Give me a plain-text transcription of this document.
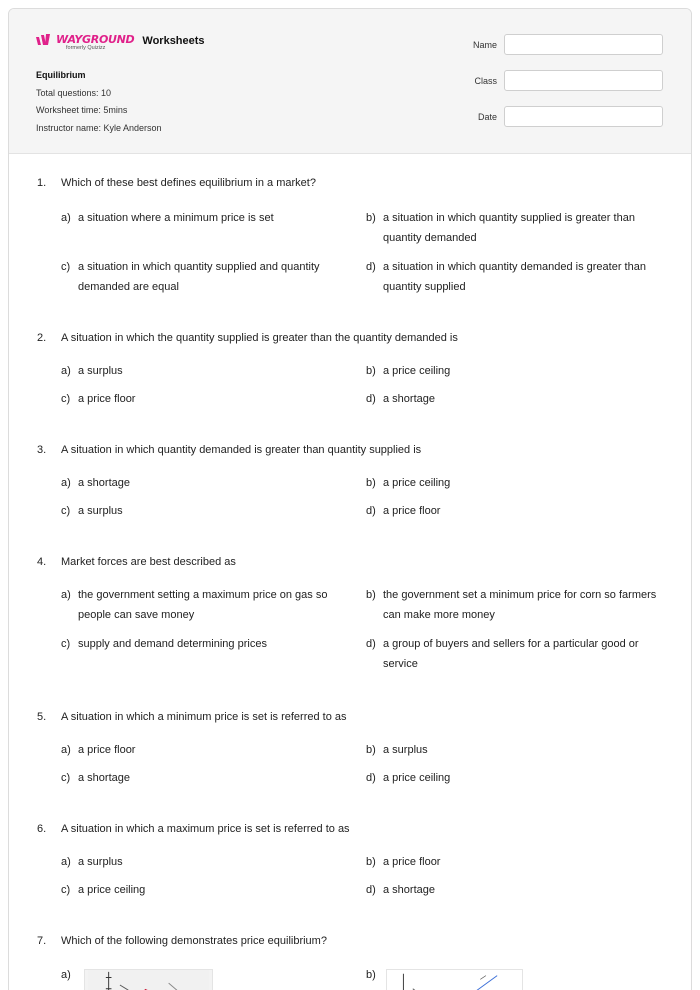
WAYGROUND
formerly Quizizz
Worksheets
Equilibrium
Total questions: 10
Worksheet time: 5mins
Instructor name: Kyle Anderson
Name
Class
Date
1.	Which of these best defines equilibrium in a market?
a) a situation where a minimum price is set	b) a situation in which quantity supplied is greater than quantity demanded
c) a situation in which quantity supplied and quantity demanded are equal
d) a situation in which quantity demanded is greater than quantity supplied
2.	A situation in which the quantity supplied is greater than the quantity demanded is
a) a surplus	b) a price ceiling
c) a price floor	d) a shortage
3.	A situation in which quantity demanded is greater than quantity supplied is
a) a shortage	b) a price ceiling
c) a surplus	d) a price floor
4.	Market forces are best described as
a) the government setting a maximum price on gas so people can save money
b) the government set a minimum price for corn so farmers can make more money
c) supply and demand determining prices	d) a group of buyers and sellers for a particular good or service
5.	A situation in which a minimum price is set is referred to as
a) a price floor	b) a surplus
c) a shortage	d) a price ceiling
6.	A situation in which a maximum price is set is referred to as
a) a surplus	b) a price floor
c) a price ceiling	d) a shortage
7.	Which of the following demonstrates price equilibrium?
a)	b)
